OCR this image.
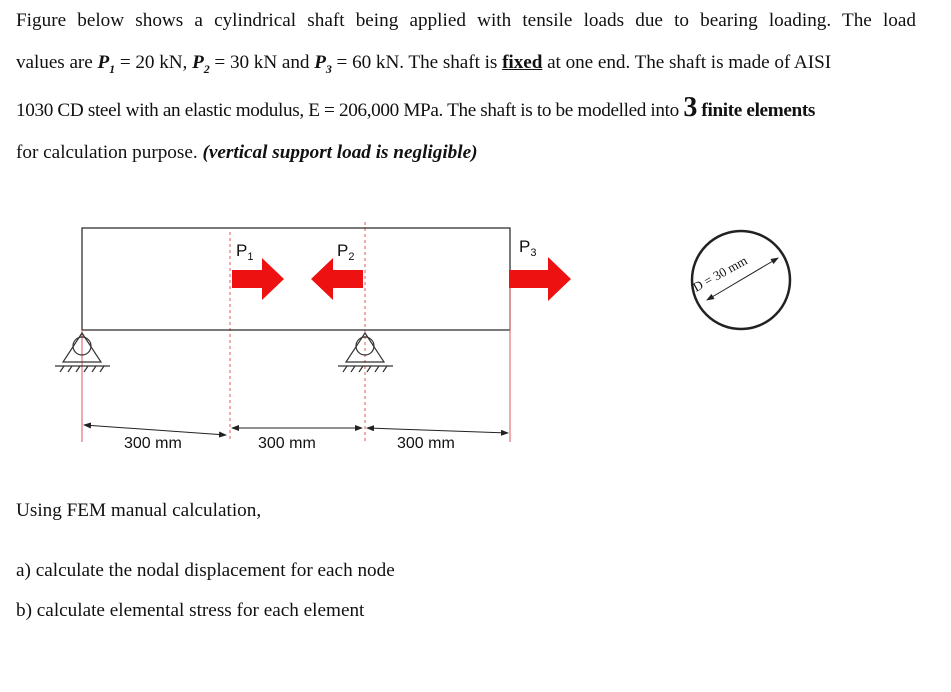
Figure below shows a cylindrical shaft being applied with tensile loads due to bearing loading. The load

values are $P_1 = 20$ kN, $P_2 = 30$ kN and $P_3 = 60$ kN. The shaft is fixed at one end. The shaft is made of AISI

1030 CD steel with an elastic modulus, E = 206,000 MPa. The shaft is to be modelled into 3 finite elements

for calculation purpose. (vertical support load is negligible)

$P_1$	$P_2$
$P_3$
300 mm	300 mm	300 mm
D = 30 mm
Using FEM manual calculation,
a) calculate the nodal displacement for each node
b) calculate elemental stress for each element
